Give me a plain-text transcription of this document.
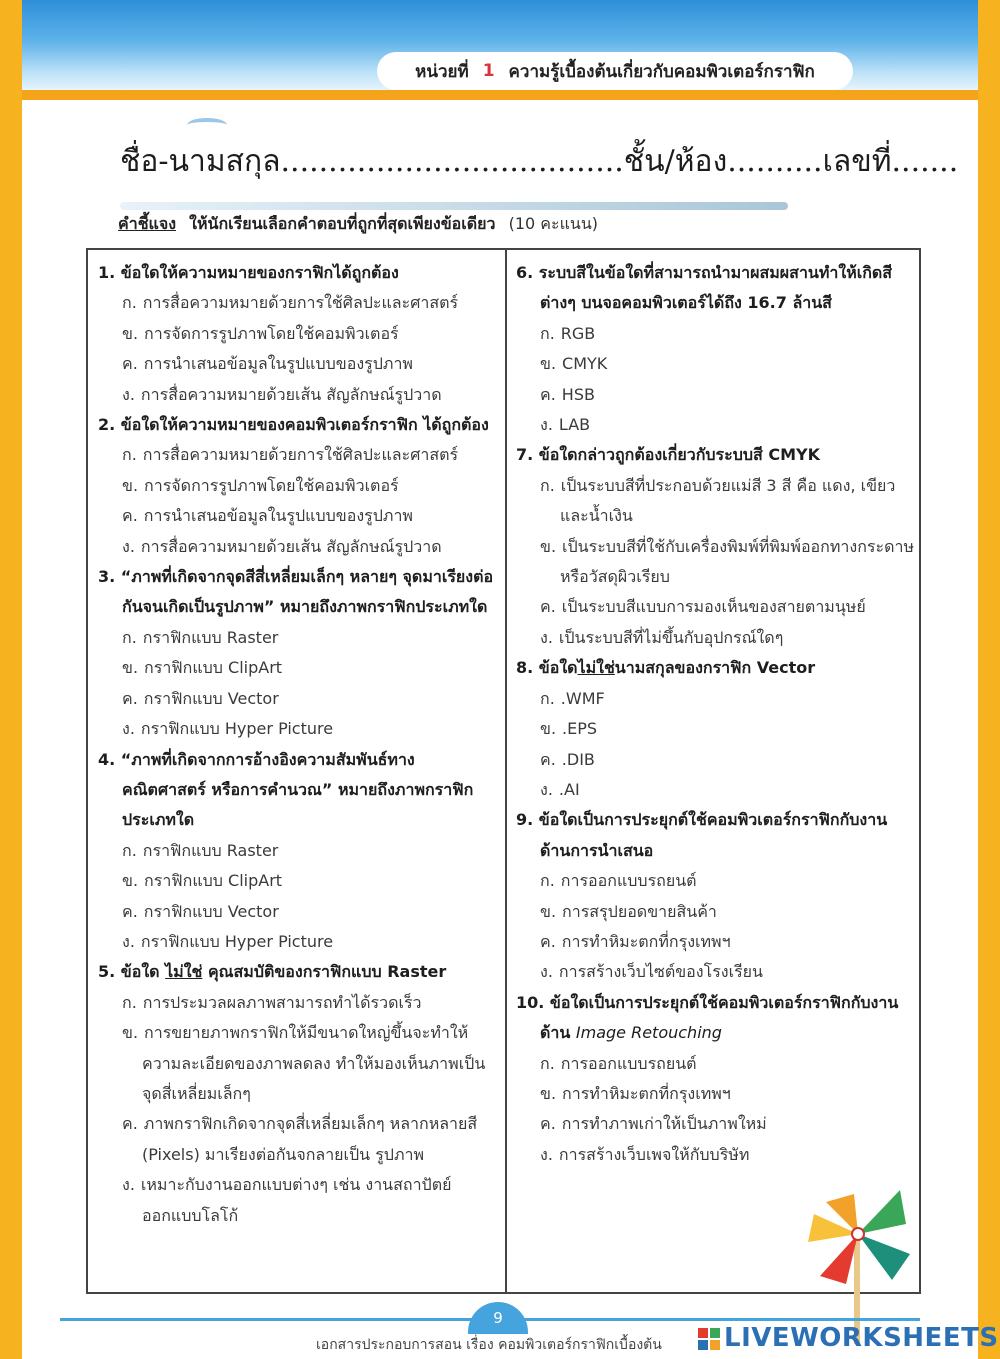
หน่วยที่ 1 ความรู้เบื้องต้นเกี่ยวกับคอมพิวเตอร์กราฟิก
ชื่อ-นามสกุล....................................ชั้น/ห้อง..........เลขที่.......
คำชี้แจง ให้นักเรียนเลือกคำตอบที่ถูกที่สุดเพียงข้อเดียว (10 คะแนน)

1. ข้อใดให้ความหมายของกราฟิกได้ถูกต้อง

ก. การสื่อความหมายด้วยการใช้ศิลปะและศาสตร์

ข. การจัดการรูปภาพโดยใช้คอมพิวเตอร์

ค. การนำเสนอข้อมูลในรูปแบบของรูปภาพ

ง. การสื่อความหมายด้วยเส้น สัญลักษณ์รูปวาด

2. ข้อใดให้ความหมายของคอมพิวเตอร์กราฟิก ได้ถูกต้อง

ก. การสื่อความหมายด้วยการใช้ศิลปะและศาสตร์

ข. การจัดการรูปภาพโดยใช้คอมพิวเตอร์

ค. การนำเสนอข้อมูลในรูปแบบของรูปภาพ

ง. การสื่อความหมายด้วยเส้น สัญลักษณ์รูปวาด

3. “ภาพที่เกิดจากจุดสีสี่เหลี่ยมเล็กๆ หลายๆ จุดมาเรียงต่อกันจนเกิดเป็นรูปภาพ” หมายถึงภาพกราฟิกประเภทใด

ก. กราฟิกแบบ Raster

ข. กราฟิกแบบ ClipArt

ค. กราฟิกแบบ Vector

ง. กราฟิกแบบ Hyper Picture

4. “ภาพที่เกิดจากการอ้างอิงความสัมพันธ์ทางคณิตศาสตร์ หรือการคำนวณ” หมายถึงภาพกราฟิกประเภทใด

ก. กราฟิกแบบ Raster

ข. กราฟิกแบบ ClipArt

ค. กราฟิกแบบ Vector

ง. กราฟิกแบบ Hyper Picture

5. ข้อใด ไม่ใช่ คุณสมบัติของกราฟิกแบบ Raster

ก. การประมวลผลภาพสามารถทำได้รวดเร็ว

ข. การขยายภาพกราฟิกให้มีขนาดใหญ่ขึ้นจะทำให้ความละเอียดของภาพลดลง ทำให้มองเห็นภาพเป็นจุดสี่เหลี่ยมเล็กๆ

ค. ภาพกราฟิกเกิดจากจุดสี่เหลี่ยมเล็กๆ หลากหลายสี (Pixels) มาเรียงต่อกันจกลายเป็น รูปภาพ

ง. เหมาะกับงานออกแบบต่างๆ เช่น งานสถาปัตย์ ออกแบบโลโก้

6. ระบบสีในข้อใดที่สามารถนำมาผสมผสานทำให้เกิดสีต่างๆ บนจอคอมพิวเตอร์ได้ถึง 16.7 ล้านสี

ก. RGB

ข. CMYK

ค. HSB

ง. LAB

7. ข้อใดกล่าวถูกต้องเกี่ยวกับระบบสี CMYK

ก. เป็นระบบสีที่ประกอบด้วยแม่สี 3 สี คือ แดง, เขียว และน้ำเงิน

ข. เป็นระบบสีที่ใช้กับเครื่องพิมพ์ที่พิมพ์ออกทางกระดาษหรือวัสดุผิวเรียบ

ค. เป็นระบบสีแบบการมองเห็นของสายตามนุษย์

ง. เป็นระบบสีที่ไม่ขึ้นกับอุปกรณ์ใดๆ

8. ข้อใดไม่ใช่นามสกุลของกราฟิก Vector

ก. .WMF

ข. .EPS

ค. .DIB

ง. .AI

9. ข้อใดเป็นการประยุกต์ใช้คอมพิวเตอร์กราฟิกกับงานด้านการนำเสนอ

ก. การออกแบบรถยนต์

ข. การสรุปยอดขายสินค้า

ค. การทำหิมะตกที่กรุงเทพฯ

ง. การสร้างเว็บไซต์ของโรงเรียน

10. ข้อใดเป็นการประยุกต์ใช้คอมพิวเตอร์กราฟิกกับงานด้าน Image Retouching

ก. การออกแบบรถยนต์

ข. การทำหิมะตกที่กรุงเทพฯ

ค. การทำภาพเก่าให้เป็นภาพใหม่

ง. การสร้างเว็บเพจให้กับบริษัท

9
เอกสารประกอบการสอน เรื่อง คอมพิวเตอร์กราฟิกเบื้องต้น	LIVEWORKSHEETS
